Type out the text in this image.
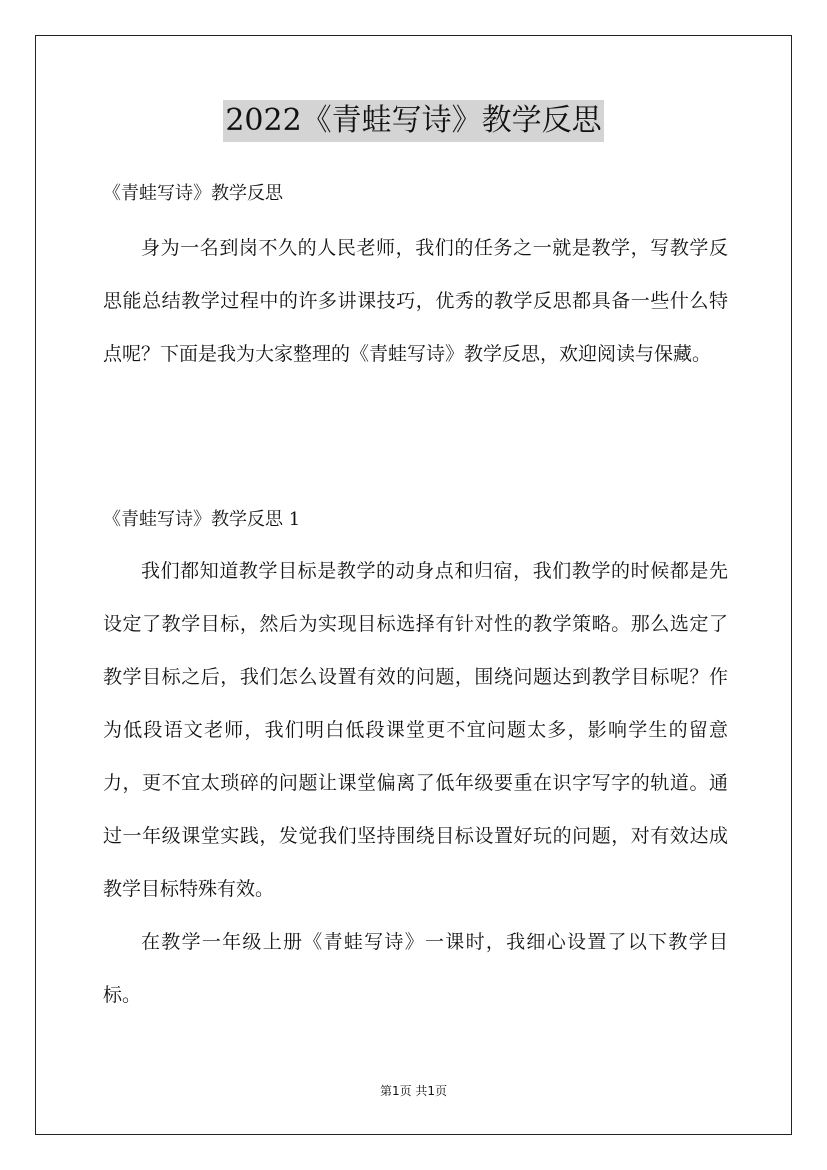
2022《青蛙写诗》教学反思
《青蛙写诗》教学反思

身为一名到岗不久的人民老师，我们的任务之一就是教学，写教学反思能总结教学过程中的许多讲课技巧，优秀的教学反思都具备一些什么特点呢？下面是我为大家整理的《青蛙写诗》教学反思，欢迎阅读与保藏。

《青蛙写诗》教学反思 1

我们都知道教学目标是教学的动身点和归宿，我们教学的时候都是先设定了教学目标，然后为实现目标选择有针对性的教学策略。那么选定了教学目标之后，我们怎么设置有效的问题，围绕问题达到教学目标呢？作为低段语文老师，我们明白低段课堂更不宜问题太多，影响学生的留意力，更不宜太琐碎的问题让课堂偏离了低年级要重在识字写字的轨道。通过一年级课堂实践，发觉我们坚持围绕目标设置好玩的问题，对有效达成教学目标特殊有效。

在教学一年级上册《青蛙写诗》一课时，我细心设置了以下教学目标。

第1页 共1页
